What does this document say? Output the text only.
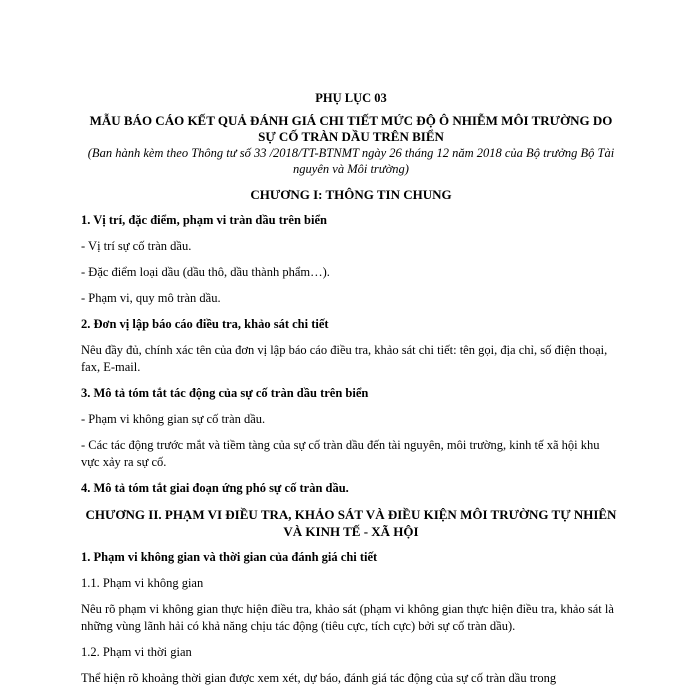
PHỤ LỤC 03

MẪU BÁO CÁO KẾT QUẢ ĐÁNH GIÁ CHI TIẾT MỨC ĐỘ Ô NHIỄM MÔI TRƯỜNG DO SỰ CỐ TRÀN DẦU TRÊN BIỂN

(Ban hành kèm theo Thông tư số 33 /2018/TT-BTNMT ngày 26 tháng 12 năm 2018 của Bộ trưởng Bộ Tài nguyên và Môi trường)

CHƯƠNG I: THÔNG TIN CHUNG

1. Vị trí, đặc điểm, phạm vi tràn dầu trên biển

- Vị trí sự cố tràn dầu.

- Đặc điểm loại dầu (dầu thô, dầu thành phẩm…).

- Phạm vi, quy mô tràn dầu.

2. Đơn vị lập báo cáo điều tra, khảo sát chi tiết

Nêu đầy đủ, chính xác tên của đơn vị lập báo cáo điều tra, khảo sát chi tiết: tên gọi, địa chỉ, số điện thoại, fax, E-mail.

3. Mô tả tóm tắt tác động của sự cố tràn dầu trên biển

- Phạm vi không gian sự cố tràn dầu.

- Các tác động trước mắt và tiềm tàng của sự cố tràn dầu đến tài nguyên, môi trường, kinh tế xã hội khu vực xảy ra sự cố.

4. Mô tả tóm tắt giai đoạn ứng phó sự cố tràn dầu.

CHƯƠNG II. PHẠM VI ĐIỀU TRA, KHẢO SÁT VÀ ĐIỀU KIỆN MÔI TRƯỜNG TỰ NHIÊN VÀ KINH TẾ - XÃ HỘI

1. Phạm vi không gian và thời gian của đánh giá chi tiết

1.1. Phạm vi không gian

Nêu rõ phạm vi không gian thực hiện điều tra, khảo sát (phạm vi không gian thực hiện điều tra, khảo sát là những vùng lãnh hải có khả năng chịu tác động (tiêu cực, tích cực) bởi sự cố tràn dầu).

1.2. Phạm vi thời gian

Thể hiện rõ khoảng thời gian được xem xét, dự báo, đánh giá tác động của sự cố tràn dầu trong
